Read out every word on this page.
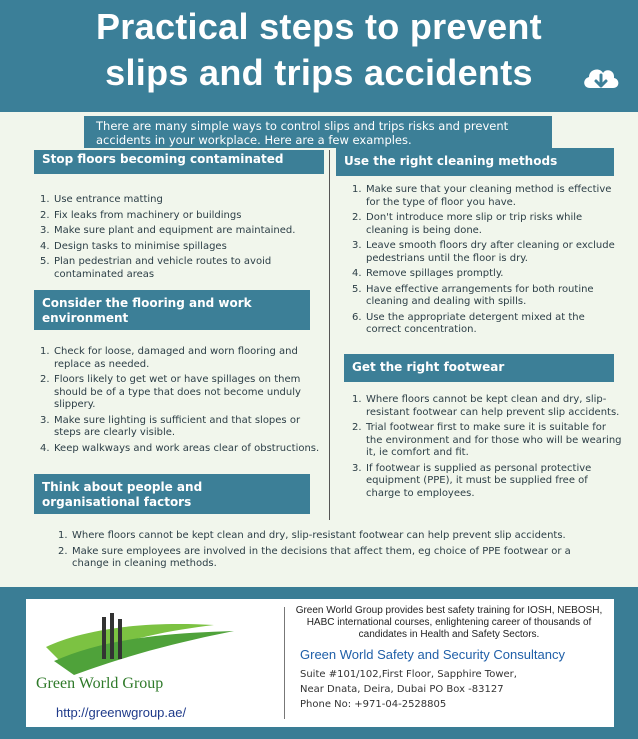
Practical steps to prevent
slips and trips accidents
There are many simple ways to control slips and trips risks and prevent accidents in your workplace. Here are a few examples.
Stop floors becoming contaminated
1. Use entrance matting
2. Fix leaks from machinery or buildings
3. Make sure plant and equipment are maintained.
4. Design tasks to minimise spillages
5. Plan pedestrian and vehicle routes to avoid contaminated areas
Consider the flooring and work environment
1. Check for loose, damaged and worn flooring and replace as needed.
2. Floors likely to get wet or have spillages on them should be of a type that does not become unduly slippery.
3. Make sure lighting is sufficient and that slopes or steps are clearly visible.
4. Keep walkways and work areas clear of obstructions.
Think about people and organisational factors
1. Where floors cannot be kept clean and dry, slip-resistant footwear can help prevent slip accidents.
2. Make sure employees are involved in the decisions that affect them, eg choice of PPE footwear or a change in cleaning methods.
Use the right cleaning methods
1. Make sure that your cleaning method is effective for the type of floor you have.
2. Don't introduce more slip or trip risks while cleaning is being done.
3. Leave smooth floors dry after cleaning or exclude pedestrians until the floor is dry.
4. Remove spillages promptly.
5. Have effective arrangements for both routine cleaning and dealing with spills.
6. Use the appropriate detergent mixed at the correct concentration.
Get the right footwear
1. Where floors cannot be kept clean and dry, slip-resistant footwear can help prevent slip accidents.
2. Trial footwear first to make sure it is suitable for the environment and for those who will be wearing it, ie comfort and fit.
3. If footwear is supplied as personal protective equipment (PPE), it must be supplied free of charge to employees.
Green World Group
http://greenwgroup.ae/
Green World Group provides best safety training for IOSH, NEBOSH, HABC international courses, enlightening career of thousands of candidates in Health and Safety Sectors.
Green World Safety and Security Consultancy
Suite #101/102,First Floor, Sapphire Tower,
Near Dnata, Deira, Dubai PO Box -83127
Phone No: +971-04-2528805
